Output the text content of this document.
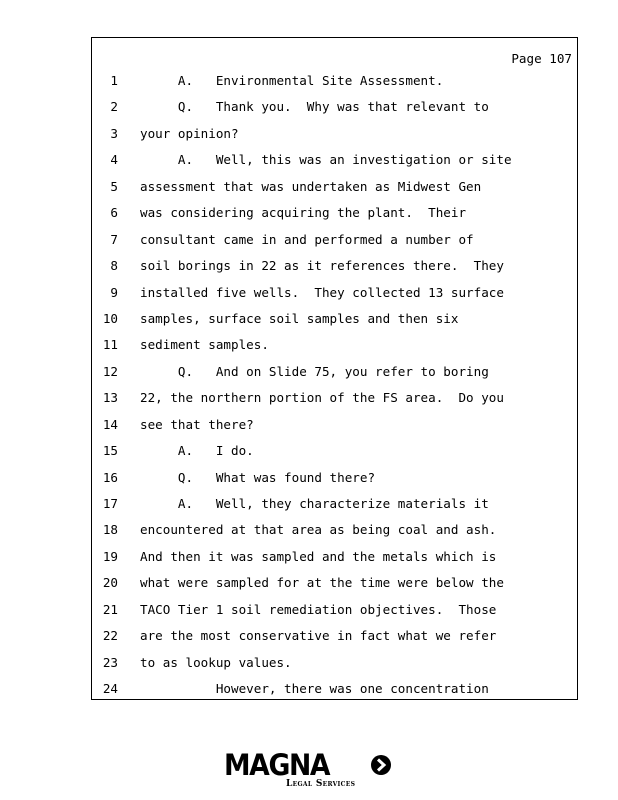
Page 107
1 A.   Environmental Site Assessment.
2 Q.   Thank you.  Why was that relevant to
3 your opinion?
4 A.   Well, this was an investigation or site
5 assessment that was undertaken as Midwest Gen
6 was considering acquiring the plant.  Their
7 consultant came in and performed a number of
8 soil borings in 22 as it references there.  They
9 installed five wells.  They collected 13 surface
10 samples, surface soil samples and then six
11 sediment samples.
12 Q.   And on Slide 75, you refer to boring
13 22, the northern portion of the FS area.  Do you
14 see that there?
15 A.   I do.
16 Q.   What was found there?
17 A.   Well, they characterize materials it
18 encountered at that area as being coal and ash.
19 And then it was sampled and the metals which is
20 what were sampled for at the time were below the
21 TACO Tier 1 soil remediation objectives.  Those
22 are the most conservative in fact what we refer
23 to as lookup values.
24 However, there was one concentration
MAGNA
Legal Services
